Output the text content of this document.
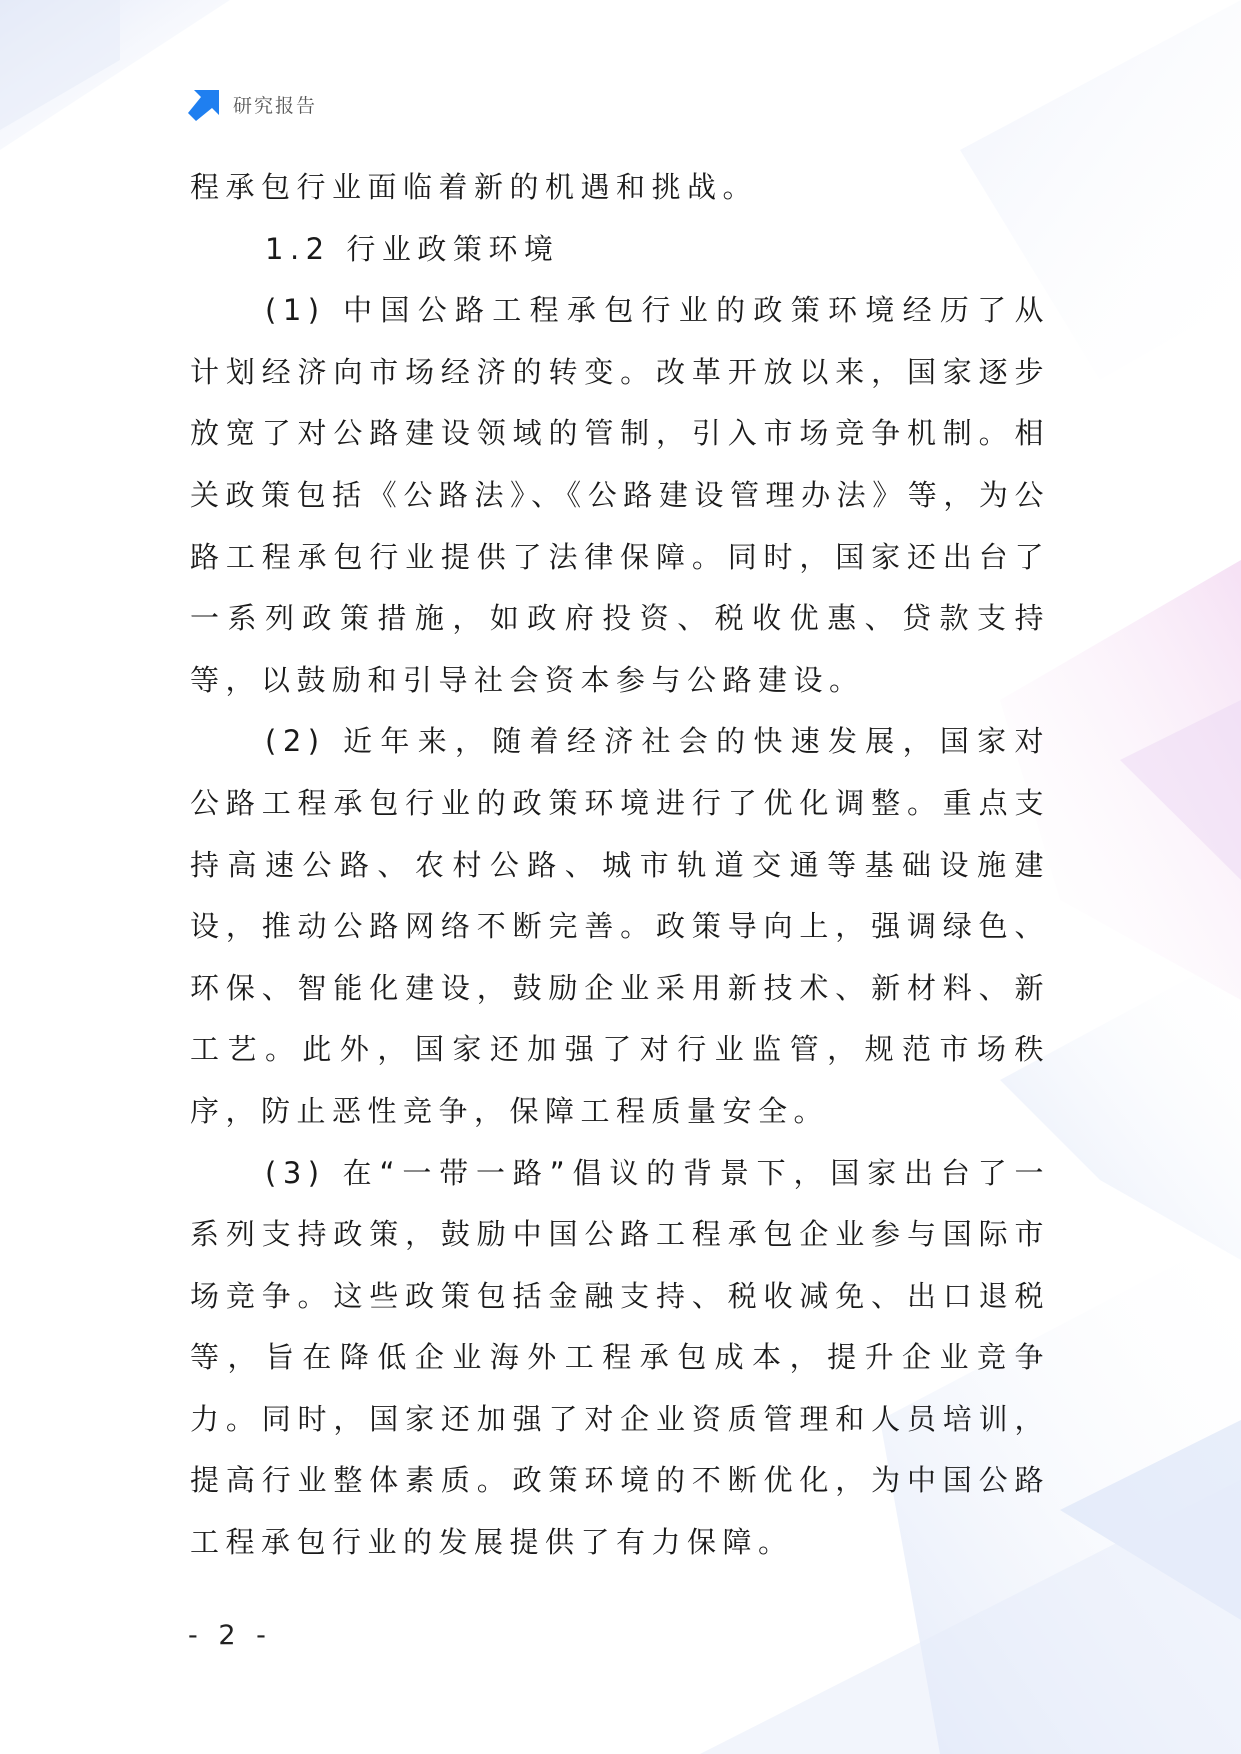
研究报告

程承包行业面临着新的机遇和挑战。

1.2 行业政策环境

(1) 中国公路工程承包行业的政策环境经历了从计划经济向市场经济的转变。改革开放以来，国家逐步放宽了对公路建设领域的管制，引入市场竞争机制。相关政策包括《公路法》、《公路建设管理办法》等，为公路工程承包行业提供了法律保障。同时，国家还出台了一系列政策措施，如政府投资、税收优惠、贷款支持等，以鼓励和引导社会资本参与公路建设。

(2) 近年来，随着经济社会的快速发展，国家对公路工程承包行业的政策环境进行了优化调整。重点支持高速公路、农村公路、城市轨道交通等基础设施建设，推动公路网络不断完善。政策导向上，强调绿色、环保、智能化建设，鼓励企业采用新技术、新材料、新工艺。此外，国家还加强了对行业监管，规范市场秩序，防止恶性竞争，保障工程质量安全。

(3) 在“一带一路”倡议的背景下，国家出台了一系列支持政策，鼓励中国公路工程承包企业参与国际市场竞争。这些政策包括金融支持、税收减免、出口退税等，旨在降低企业海外工程承包成本，提升企业竞争力。同时，国家还加强了对企业资质管理和人员培训，提高行业整体素质。政策环境的不断优化，为中国公路工程承包行业的发展提供了有力保障。

- 2 -
